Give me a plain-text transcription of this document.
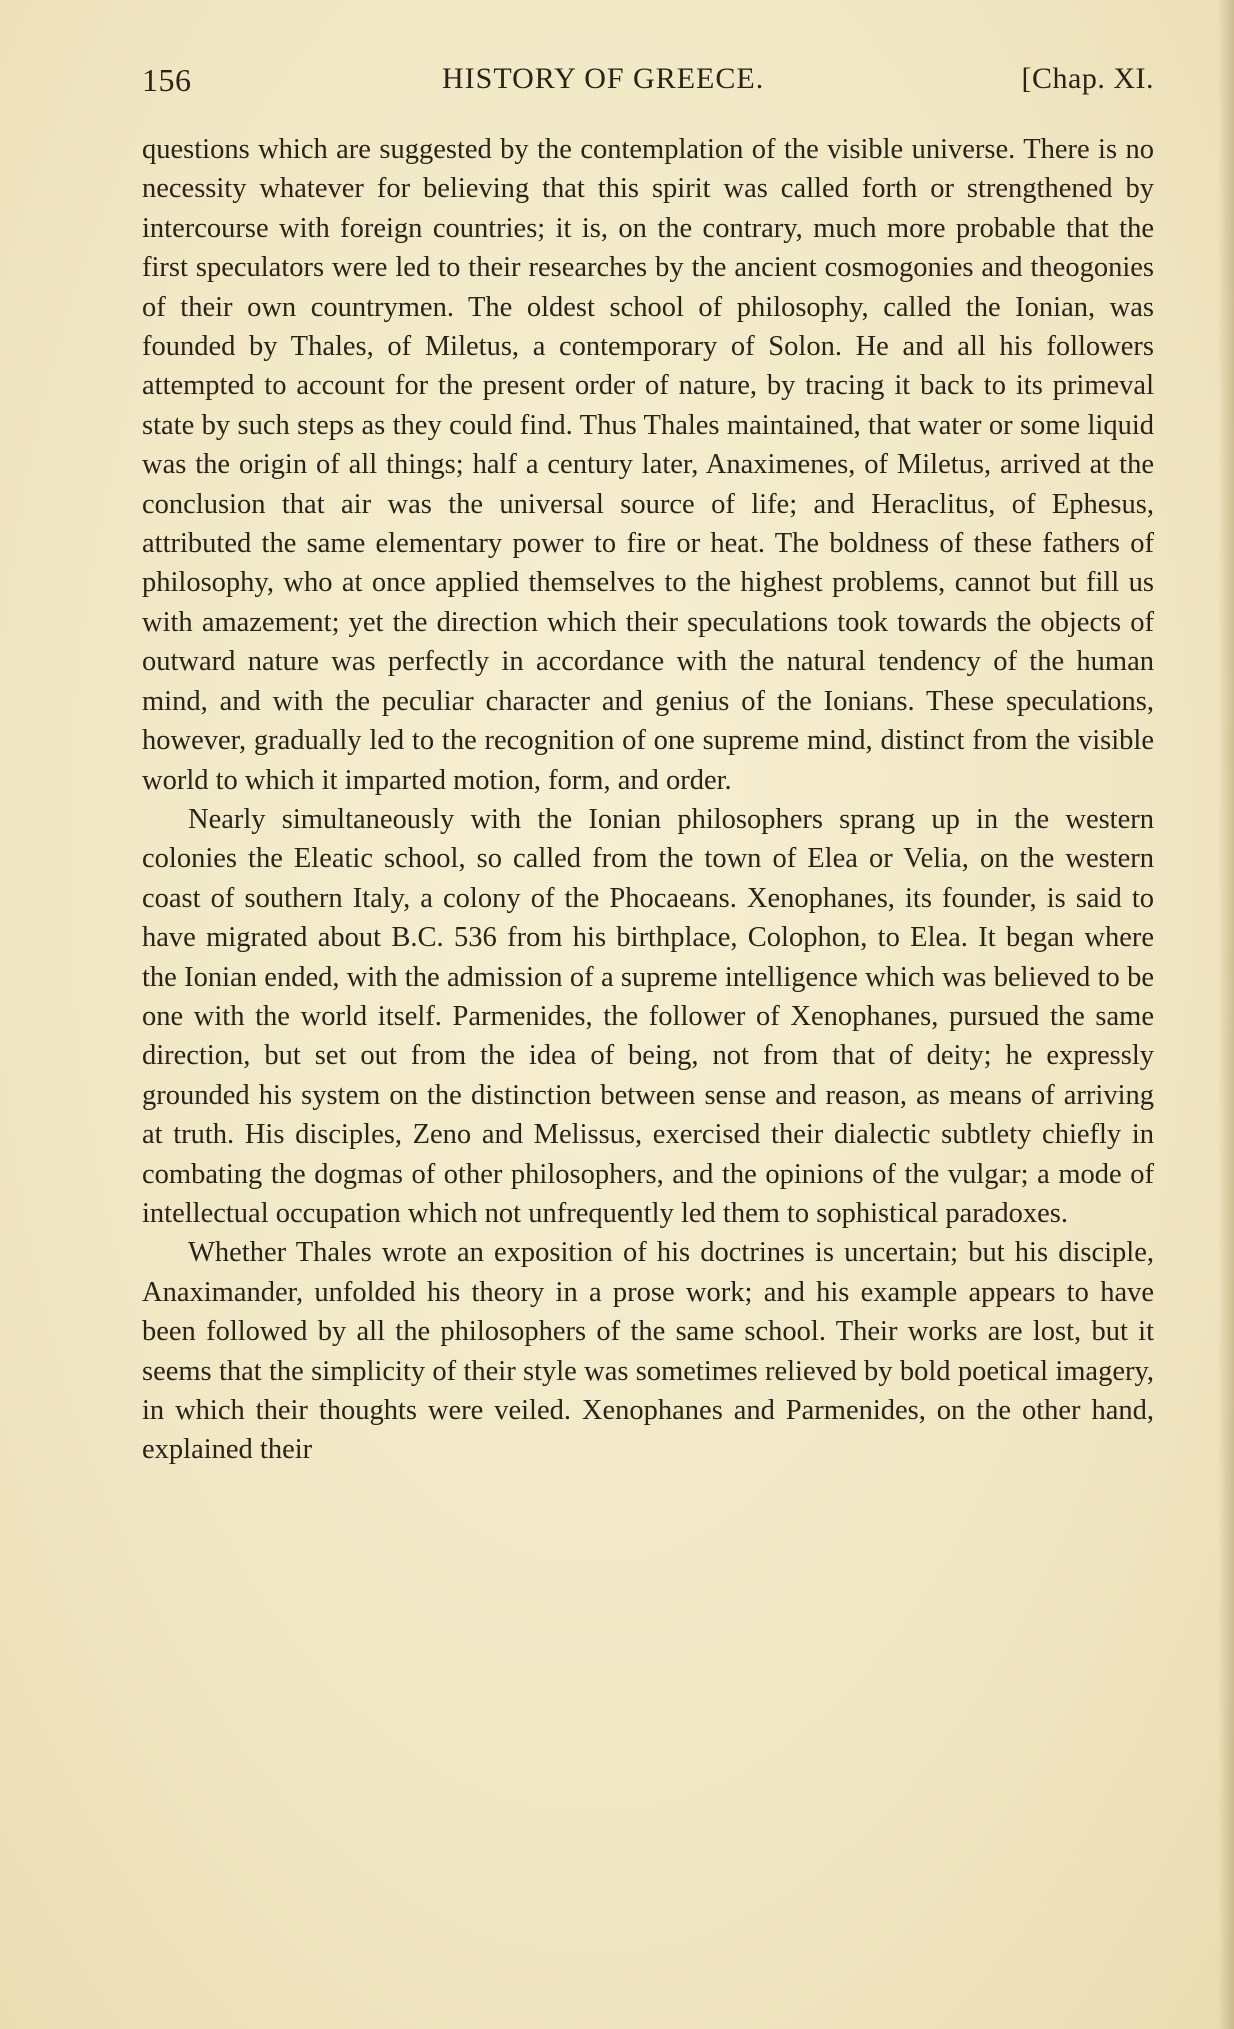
156	HISTORY OF GREECE.	[Chap. XI.

questions which are suggested by the contemplation of the visible universe. There is no necessity whatever for believing that this spirit was called forth or strengthened by intercourse with foreign countries; it is, on the contrary, much more probable that the first speculators were led to their researches by the ancient cosmogonies and theogonies of their own countrymen. The oldest school of philosophy, called the Ionian, was founded by Thales, of Miletus, a contemporary of Solon. He and all his followers attempted to account for the present order of nature, by tracing it back to its primeval state by such steps as they could find. Thus Thales maintained, that water or some liquid was the origin of all things; half a century later, Anaximenes, of Miletus, arrived at the conclusion that air was the universal source of life; and Heraclitus, of Ephesus, attributed the same elementary power to fire or heat. The boldness of these fathers of philosophy, who at once applied themselves to the highest problems, cannot but fill us with amazement; yet the direction which their speculations took towards the objects of outward nature was perfectly in accordance with the natural tendency of the human mind, and with the peculiar character and genius of the Ionians. These speculations, however, gradually led to the recognition of one supreme mind, distinct from the visible world to which it imparted motion, form, and order.

Nearly simultaneously with the Ionian philosophers sprang up in the western colonies the Eleatic school, so called from the town of Elea or Velia, on the western coast of southern Italy, a colony of the Phocaeans. Xenophanes, its founder, is said to have migrated about B.C. 536 from his birthplace, Colophon, to Elea. It began where the Ionian ended, with the admission of a supreme intelligence which was believed to be one with the world itself. Parmenides, the follower of Xenophanes, pursued the same direction, but set out from the idea of being, not from that of deity; he expressly grounded his system on the distinction between sense and reason, as means of arriving at truth. His disciples, Zeno and Melissus, exercised their dialectic subtlety chiefly in combating the dogmas of other philosophers, and the opinions of the vulgar; a mode of intellectual occupation which not unfrequently led them to sophistical paradoxes.

Whether Thales wrote an exposition of his doctrines is uncertain; but his disciple, Anaximander, unfolded his theory in a prose work; and his example appears to have been followed by all the philosophers of the same school. Their works are lost, but it seems that the simplicity of their style was sometimes relieved by bold poetical imagery, in which their thoughts were veiled. Xenophanes and Parmenides, on the other hand, explained their
